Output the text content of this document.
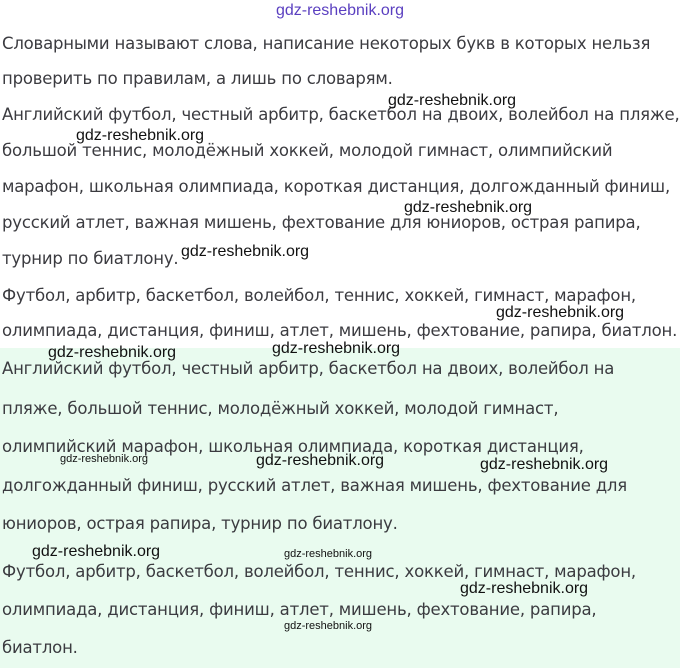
gdz-reshebnik.org
Словарными называют слова, написание некоторых букв в которых нельзя
проверить по правилам, а лишь по словарям.
Английский футбол, честный арбитр, баскетбол на двоих, волейбол на пляже,
большой теннис, молодёжный хоккей, молодой гимнаст, олимпийский
марафон, школьная олимпиада, короткая дистанция, долгожданный финиш,
русский атлет, важная мишень, фехтование для юниоров, острая рапира,
турнир по биатлону.
Футбол, арбитр, баскетбол, волейбол, теннис, хоккей, гимнаст, марафон,
олимпиада, дистанция, финиш, атлет, мишень, фехтование, рапира, биатлон.
Английский футбол, честный арбитр, баскетбол на двоих, волейбол на
пляже, большой теннис, молодёжный хоккей, молодой гимнаст,
олимпийский марафон, школьная олимпиада, короткая дистанция,
долгожданный финиш, русский атлет, важная мишень, фехтование для
юниоров, острая рапира, турнир по биатлону.
Футбол, арбитр, баскетбол, волейбол, теннис, хоккей, гимнаст, марафон,
олимпиада, дистанция, финиш, атлет, мишень, фехтование, рапира,
биатлон.
gdz-reshebnik.org
gdz-reshebnik.org
gdz-reshebnik.org
gdz-reshebnik.org
gdz-reshebnik.org
gdz-reshebnik.org	gdz-reshebnik.org
gdz-reshebnik.org	gdz-reshebnik.org	gdz-reshebnik.org
gdz-reshebnik.org	gdz-reshebnik.org
gdz-reshebnik.org
gdz-reshebnik.org
